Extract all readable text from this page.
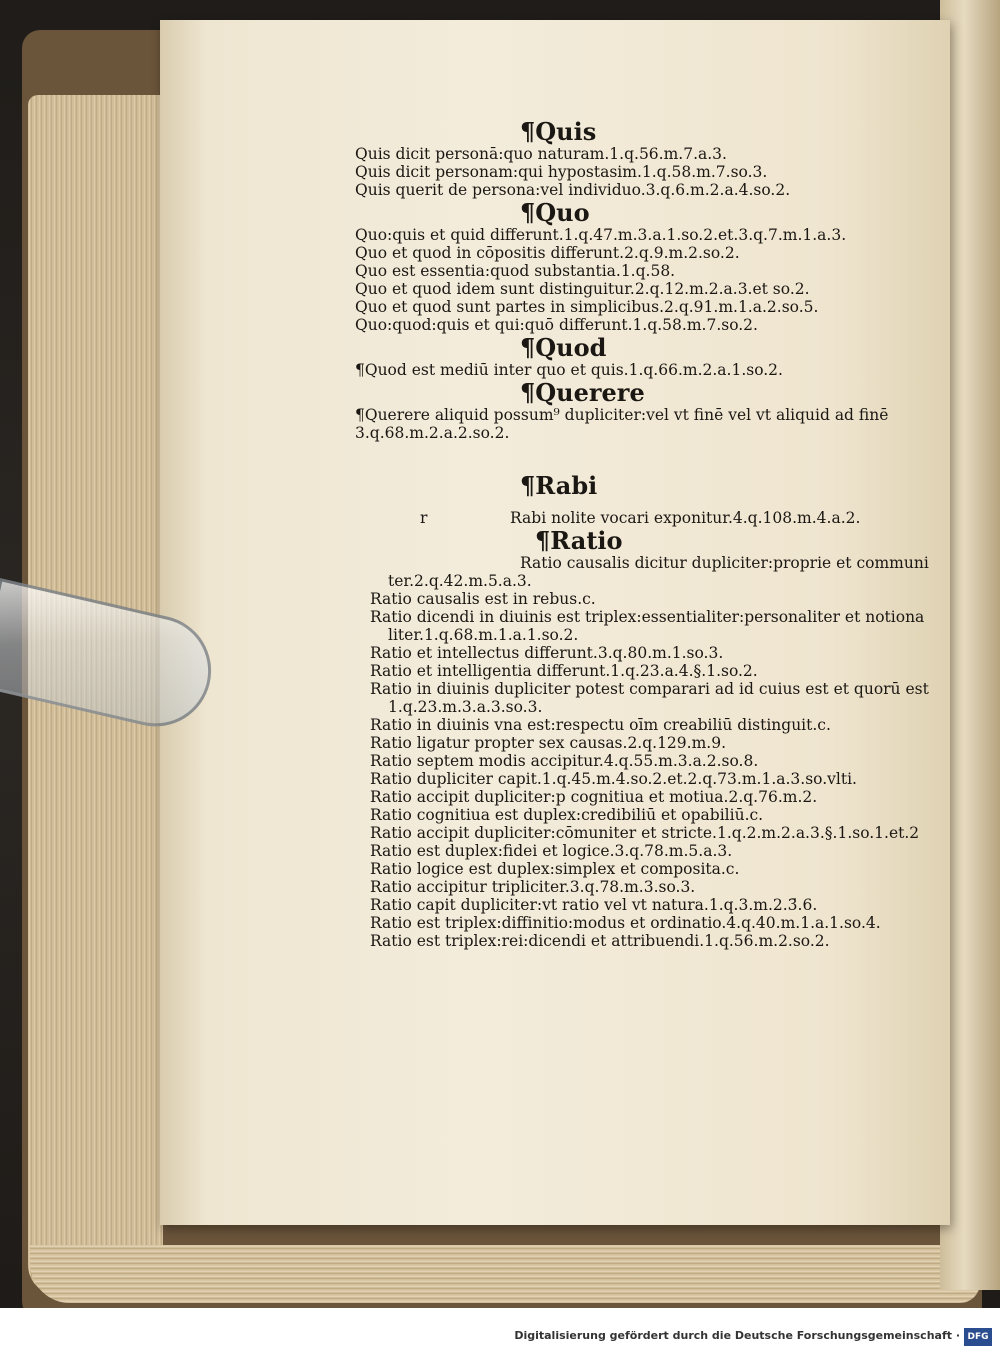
¶Quis
Quis dicit personā:quo naturam.1.q.56.m.7.a.3.
Quis dicit personam:qui hypostasim.1.q.58.m.7.so.3.
Quis querit de persona:vel individuo.3.q.6.m.2.a.4.so.2.
¶Quo
Quo:quis et quid differunt.1.q.47.m.3.a.1.so.2.et.3.q.7.m.1.a.3.
Quo et quod in cōpositis differunt.2.q.9.m.2.so.2.
Quo est essentia:quod substantia.1.q.58.
Quo et quod idem sunt distinguitur.2.q.12.m.2.a.3.et so.2.
Quo et quod sunt partes in simplicibus.2.q.91.m.1.a.2.so.5.
Quo:quod:quis et qui:quō differunt.1.q.58.m.7.so.2.
¶Quod
¶Quod est mediū inter quo et quis.1.q.66.m.2.a.1.so.2.
¶Querere
¶Querere aliquid possum⁹ dupliciter:vel vt finē vel vt aliquid ad finē
3.q.68.m.2.a.2.so.2.
¶Rabi
r	Rabi nolite vocari exponitur.4.q.108.m.4.a.2.
¶Ratio
Ratio causalis dicitur dupliciter:proprie et communi
ter.2.q.42.m.5.a.3.
Ratio causalis est in rebus.c.
Ratio dicendi in diuinis est triplex:essentialiter:personaliter et notiona
liter.1.q.68.m.1.a.1.so.2.
Ratio et intellectus differunt.3.q.80.m.1.so.3.
Ratio et intelligentia differunt.1.q.23.a.4.§.1.so.2.
Ratio in diuinis dupliciter potest comparari ad id cuius est et quorū est
1.q.23.m.3.a.3.so.3.
Ratio in diuinis vna est:respectu oīm creabiliū distinguit.c.
Ratio ligatur propter sex causas.2.q.129.m.9.
Ratio septem modis accipitur.4.q.55.m.3.a.2.so.8.
Ratio dupliciter capit.1.q.45.m.4.so.2.et.2.q.73.m.1.a.3.so.vlti.
Ratio accipit dupliciter:p cognitiua et motiua.2.q.76.m.2.
Ratio cognitiua est duplex:credibiliū et opabiliū.c.
Ratio accipit dupliciter:cōmuniter et stricte.1.q.2.m.2.a.3.§.1.so.1.et.2
Ratio est duplex:fidei et logice.3.q.78.m.5.a.3.
Ratio logice est duplex:simplex et composita.c.
Ratio accipitur tripliciter.3.q.78.m.3.so.3.
Ratio capit dupliciter:vt ratio vel vt natura.1.q.3.m.2.3̄.6.
Ratio est triplex:diffinitio:modus et ordinatio.4.q.40.m.1.a.1.so.4.
Ratio est triplex:rei:dicendi et attribuendi.1.q.56.m.2.so.2.
Digitalisierung gefördert durch die Deutsche Forschungsgemeinschaft · DFG
